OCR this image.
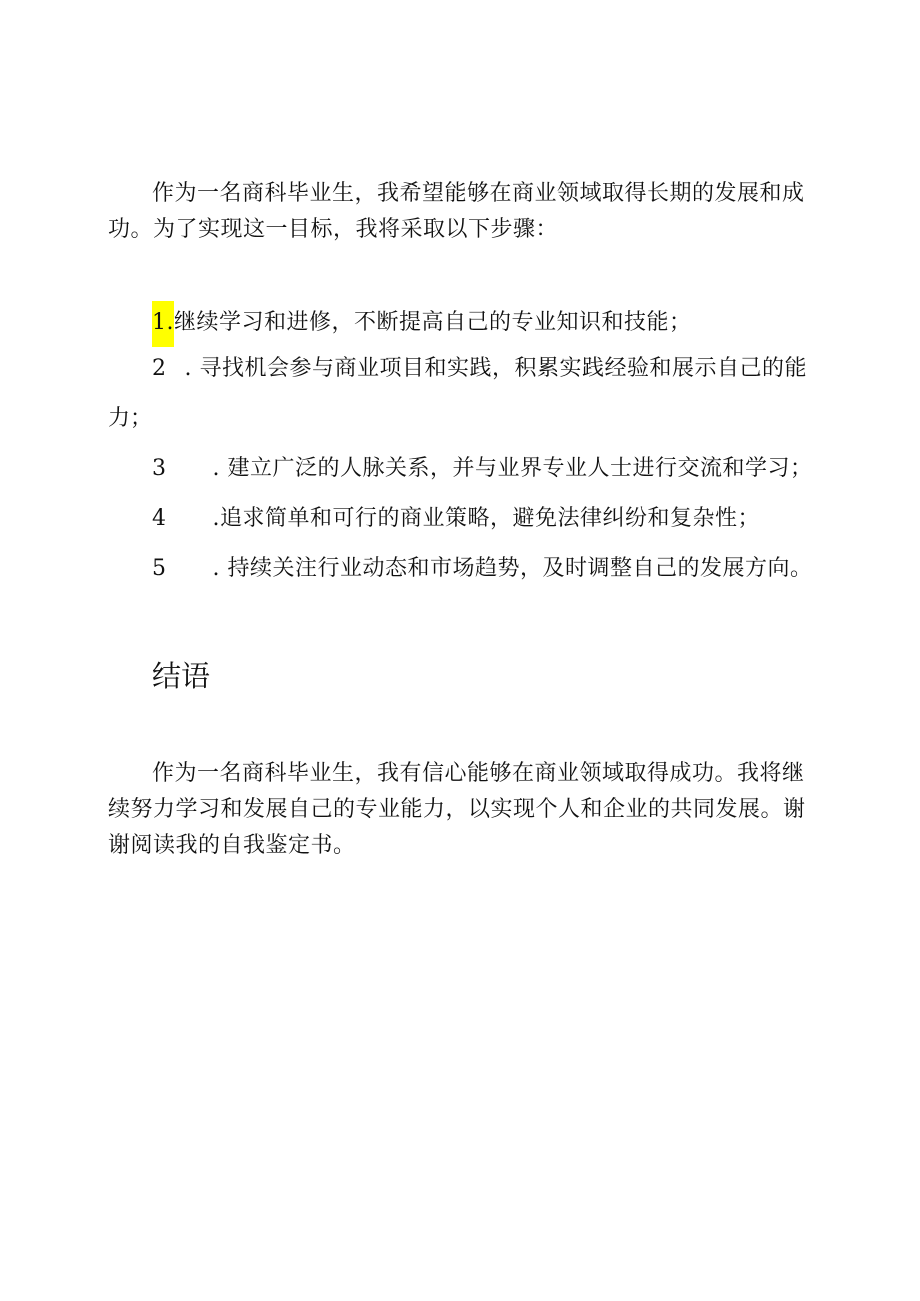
作为一名商科毕业生，我希望能够在商业领域取得长期的发展和成功。为了实现这一目标，我将采取以下步骤：

1.继续学习和进修，不断提高自己的专业知识和技能；

2 . 寻找机会参与商业项目和实践，积累实践经验和展示自己的能

力；

3 . 建立广泛的人脉关系，并与业界专业人士进行交流和学习；

4 .追求简单和可行的商业策略，避免法律纠纷和复杂性；

5 . 持续关注行业动态和市场趋势，及时调整自己的发展方向。

结语

作为一名商科毕业生，我有信心能够在商业领域取得成功。我将继续努力学习和发展自己的专业能力，以实现个人和企业的共同发展。谢谢阅读我的自我鉴定书。
